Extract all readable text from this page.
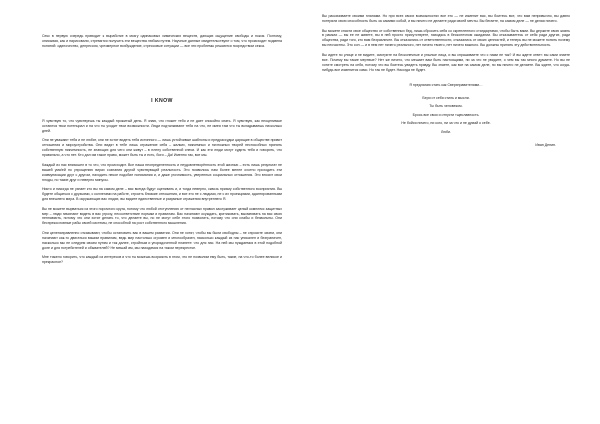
Секс в первую очередь приводит к выработке в мозгу одинаковых химических веществ, дающих ощущение свободы и покоя. Поэтому, описывая, как и нарисовали, стремятся получить эти вещества любым путем. Научные данные свидетельствуют о том, что происходит подмена понятий: одиночество, депрессия, чрезмерное возбуждение, стрессовые ситуации — все эти проблемы решаются посредством секса.

I KNOW

Я чувствую то, что чувствуешь ты каждый прожитый день. Я знаю, что гложет тебя и не дает спокойно спать. Я чувствую, как неоценимые остаются твои потенциал и на что ты уходит твои возможности. Люди подталкивают тебя на что, не имея там что ты вкладываешь нисколько дней.

Они не уважают тебя и не любят, они не хотят видеть тебя истинного — лишь устойчивые шаблоны и предрассудки царящие в обществе привит отношения и мироустройства. Они видят в тебе лишь отражение себя – жалких, никчемных и ничтожных творей неспособных принять собственную никчемность, не знающих для чего они живут – в плену собственной спеси. И как эти люди могут судить тебя и говорить, что правильно, а что нет. Кто дал им такое право, может быть ты и есть, боги – Да! Именно так, все мы.

Каждый из нас внизошел в то что, что происходит. Все наша неопределенность и неудовлетворённость этой жизнью – есть лишь результат не вашей ума!ей по упрощению вирах сознания другой чувствующий реальность. Это появилось нам более менее охотно проходить эти коммуникации друг с другом, находить некое подобие понимания и, и даже угочнимость, уверенных социальных отношения. Это вносит свои плоды, но такие друг и неверно минусы.

Никто и никогда не узнает кто вы на самом деле – вас всегда будут оценивать и, и тогда неверно, сквозь призму собственного восприятия. Вы будете общаться с друзьями, с коллегами на работе, строить близкие отношения, и все это не с людьми, не с их проекциями, адаптированными для внешнего мира. В окружающих вас людях, вы видите единственные и разумные отражения внутреннего Я.

Вы не можете вырваться из этого порочного круга, потому что любой отступлению от негласных правил заслуживает целый комплекс защитных мер – люди начинают видеть в вас угрозу, несоответствие нормам и правилам. Вас начинают осуждать, критиковать, высмеивать на вас свою неннависть, потому что они хотят делать то, что делаете вы, но не могут себе этого позволить, потому что они слабы и безвольны. Они беспрекословные рабы своей системы, не способной на рост собственного мышления.

Они целенаправленно отказывают, чтобы остановить вас в вашем развитии. Они не хотят, чтобы вы были свободны – не спросите зачем, они начинают как-то двигаться вашим правилам, ведь мир настолько огромен и многообразен, насколько каждый из нас уникален и безграничен, насколько мы не следуем своим путям и так далее, стройным и упорядоченной планете: что для нас. На ней мы нуждаемся в этой подобной доле и для потребителей и обывателей? Не мешай им, мы находимся на таком перекрестке.

Мне тяжело говорить, что каждый из интересов и что ты можешь возразить в этом, что не позволим ему быть, такие, на что-то более великое и прекрасное?

Вы раскачиваете своими планами. Но при всех своих возможностях все это — не изменит вас, вы боитесь все, что вам непривычно, вы давно потеряли свою способность быть за самими собой, и вы ничего не делаете ради своей мечты. Вы бегаете, на самом деле — не делая ничего.

Вы можете спасти свое общество от собственных бед, лишь сбросить себя со скрепленного стандартами, чтобы быть вами. Вы держите свою жизнь в рамках — вы ее не живете, вы в ней просто присутствуете, находясь в бесконечном ожидании. Вы отказываетесь от себя ради других, ради общества, ради того, кто вам безразличен. Вы отказались от ответственности, отказались от своих ценностей, и теперь вы не можете понять почему вы несчастны. Это сон — и в нем нет ничего реального, нет ничего твоего, нет ничего важного. Вы должны принять эту действительность.

Вы идете по улице и не видите, смотрите на бесконечные и унылые лица, и вы спрашиваете что с нами не так? И вы ждете ответ: вы сами знаете все. Почему вы такие мертвые? Нет же ничего, что мешает вам быть настоящими, ни за что не увидите, о чем вы так много думаете. Но вы не хотите смотреть на себя, потому что вы боитесь увидеть правду. Вы знаете, как все на самом деле, но вы ничего не делаете. Вы ждете, что когда-нибудь все изменится само. Но так не будет. Никогда не будет.

Я предлагаю стать как Сверхправителями…

Бери от себя стиль и мысли.

Ты быть человеком.

Брось все свои и отпусти тщеславность.

Не бойся ничего, ни кого, ни за что и не думай о себе.

Люби.

Иван Денин.
